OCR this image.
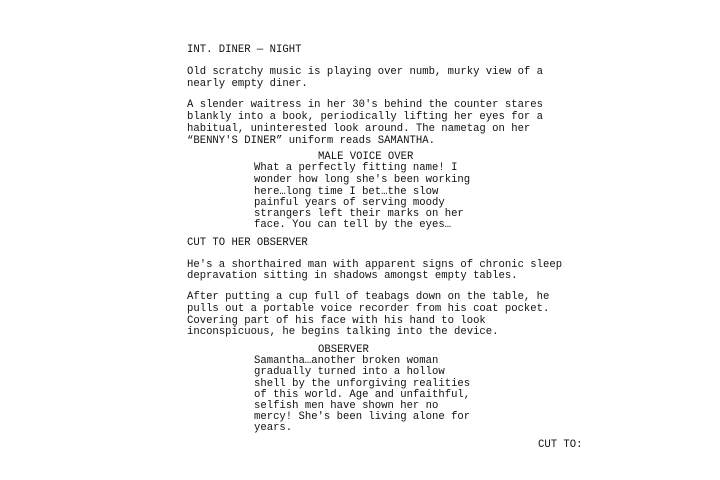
INT. DINER — NIGHT
Old scratchy music is playing over numb, murky view of a
nearly empty diner.
A slender waitress in her 30's behind the counter stares
blankly into a book, periodically lifting her eyes for a
habitual, uninterested look around. The nametag on her
“BENNY'S DINER” uniform reads SAMANTHA.
MALE VOICE OVER
What a perfectly fitting name! I
wonder how long she's been working
here…long time I bet…the slow
painful years of serving moody
strangers left their marks on her
face. You can tell by the eyes…
CUT TO HER OBSERVER
He's a shorthaired man with apparent signs of chronic sleep
depravation sitting in shadows amongst empty tables.
After putting a cup full of teabags down on the table, he
pulls out a portable voice recorder from his coat pocket.
Covering part of his face with his hand to look
inconspicuous, he begins talking into the device.
OBSERVER
Samantha…another broken woman
gradually turned into a hollow
shell by the unforgiving realities
of this world. Age and unfaithful,
selfish men have shown her no
mercy! She's been living alone for
years.
CUT TO:
